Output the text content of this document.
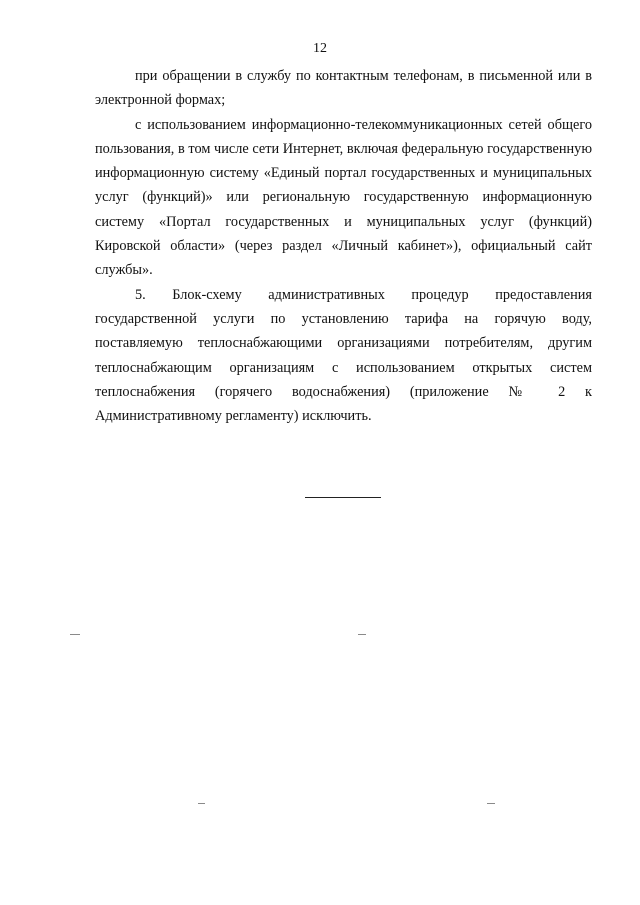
12

при обращении в службу по контактным телефонам, в письменной или в электронной формах;

с использованием информационно-телекоммуникационных сетей общего пользования, в том числе сети Интернет, включая федеральную государственную информационную систему «Единый портал государственных и муниципальных услуг (функций)» или региональную государственную информационную систему «Портал государственных и муниципальных услуг (функций) Кировской области» (через раздел «Личный кабинет»), официальный сайт службы».

5. Блок-схему административных процедур предоставления государственной услуги по установлению тарифа на горячую воду, поставляемую теплоснабжающими организациями потребителям, другим теплоснабжающим организациям с использованием открытых систем теплоснабжения (горячего водоснабжения) (приложение № 2 к Административному регламенту) исключить.
